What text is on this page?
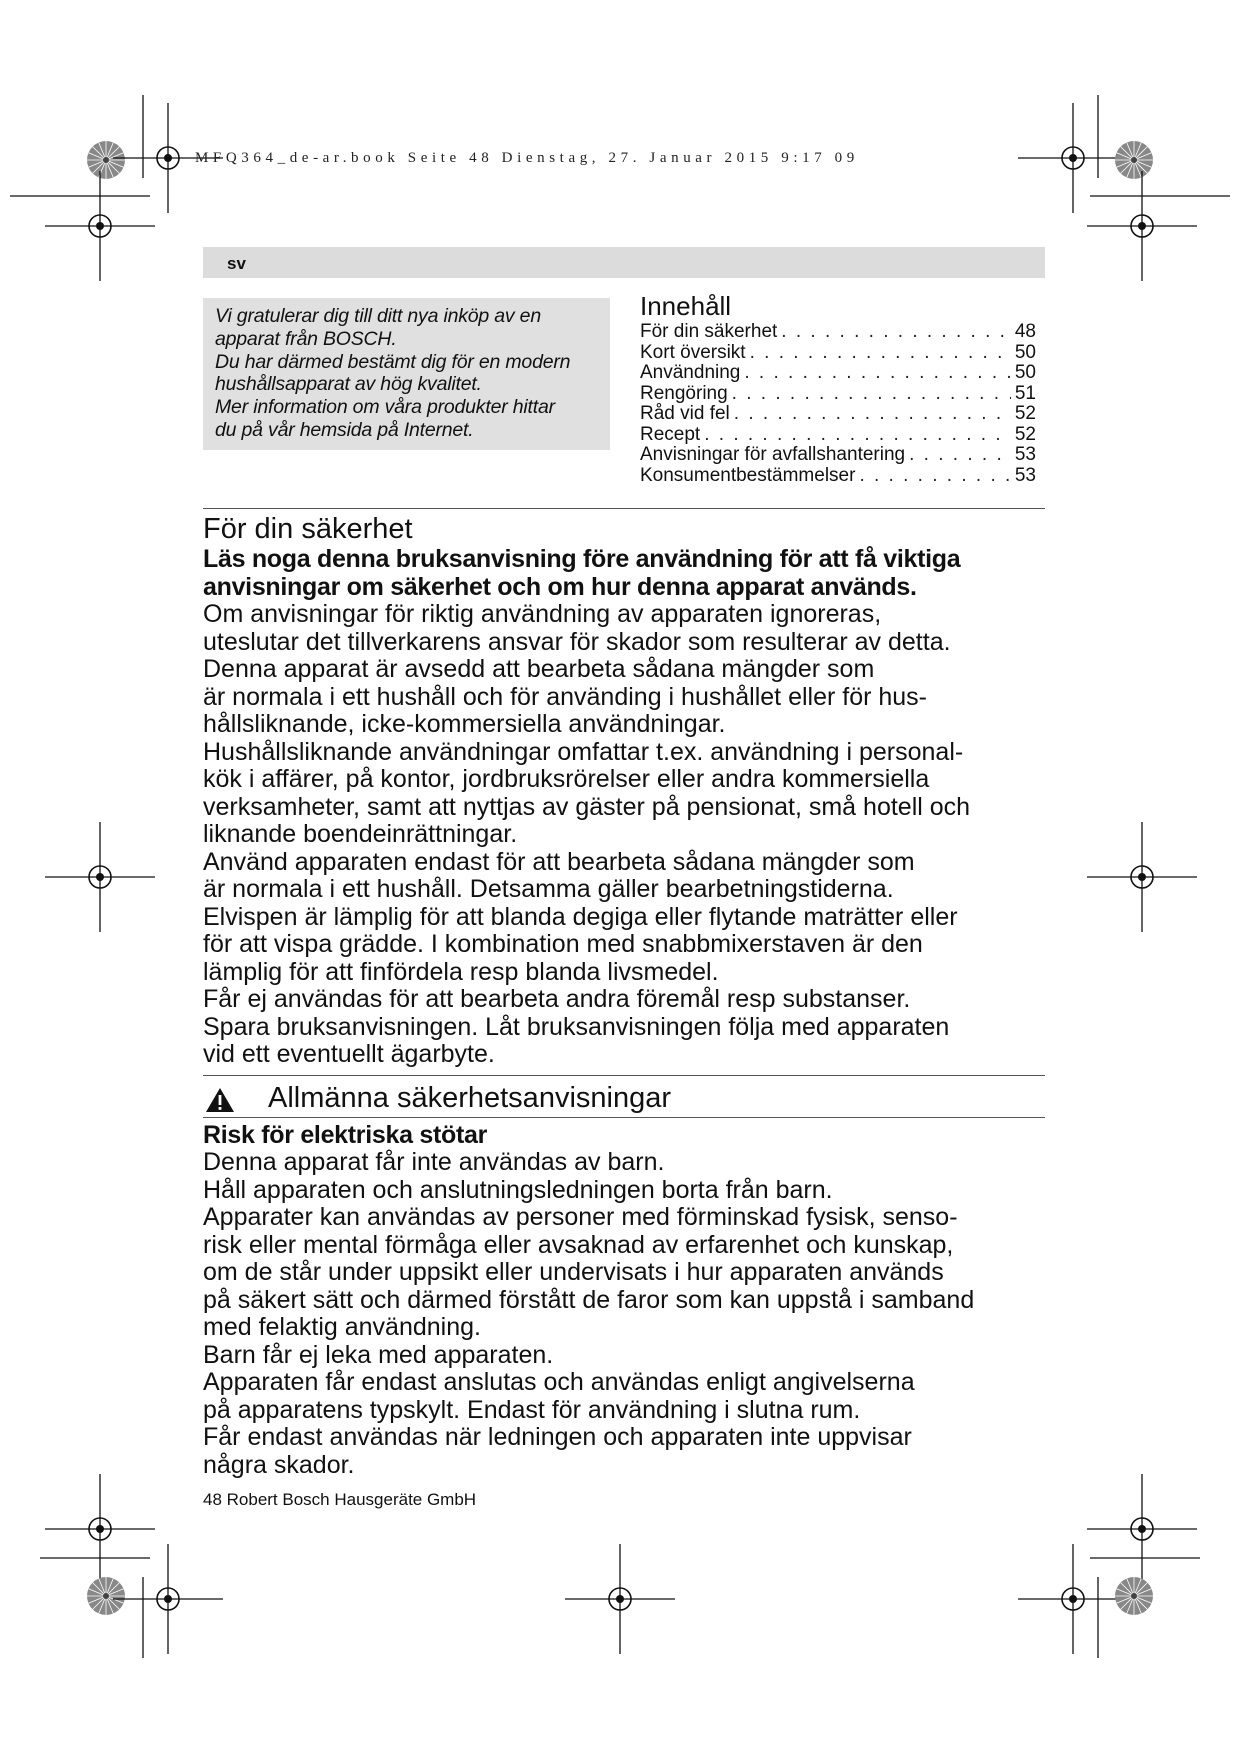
MFQ364_de-ar.book Seite 48 Dienstag, 27. Januar 2015 9:17 09
sv
Vi gratulerar dig till ditt nya inköp av en
apparat från BOSCH.
Du har därmed bestämt dig för en modern
hushållsapparat av hög kvalitet.
Mer information om våra produkter hittar
du på vår hemsida på Internet.
Innehåll
För din säkerhet . . .	48
Kort översikt . . .	50
Användning . . .	50
Rengöring . . .	51
Råd vid fel . . .	52
Recept . . .	52
Anvisningar för avfallshantering . . .	53
Konsumentbestämmelser . . .	53
För din säkerhet
Läs noga denna bruksanvisning före användning för att få viktiga
anvisningar om säkerhet och om hur denna apparat används.
Om anvisningar för riktig användning av apparaten ignoreras,
uteslutar det tillverkarens ansvar för skador som resulterar av detta.
Denna apparat är avsedd att bearbeta sådana mängder som
är normala i ett hushåll och för använding i hushållet eller för hus-
hållsliknande, icke-kommersiella användningar.
Hushållsliknande användningar omfattar t.ex. användning i personal-
kök i affärer, på kontor, jordbruksrörelser eller andra kommersiella
verksamheter, samt att nyttjas av gäster på pensionat, små hotell och
liknande boendeinrättningar.
Använd apparaten endast för att bearbeta sådana mängder som
är normala i ett hushåll. Detsamma gäller bearbetningstiderna.
Elvispen är lämplig för att blanda degiga eller flytande maträtter eller
för att vispa grädde. I kombination med snabbmixerstaven är den
lämplig för att finfördela resp blanda livsmedel.
Får ej användas för att bearbeta andra föremål resp substanser.
Spara bruksanvisningen. Låt bruksanvisningen följa med apparaten
vid ett eventuellt ägarbyte.
Allmänna säkerhetsanvisningar
Risk för elektriska stötar
Denna apparat får inte användas av barn.
Håll apparaten och anslutningsledningen borta från barn.
Apparater kan användas av personer med förminskad fysisk, senso-
risk eller mental förmåga eller avsaknad av erfarenhet och kunskap,
om de står under uppsikt eller undervisats i hur apparaten används
på säkert sätt och därmed förstått de faror som kan uppstå i samband
med felaktig användning.
Barn får ej leka med apparaten.
Apparaten får endast anslutas och användas enligt angivelserna
på apparatens typskylt. Endast för användning i slutna rum.
Får endast användas när ledningen och apparaten inte uppvisar
några skador.
48 Robert Bosch Hausgeräte GmbH
